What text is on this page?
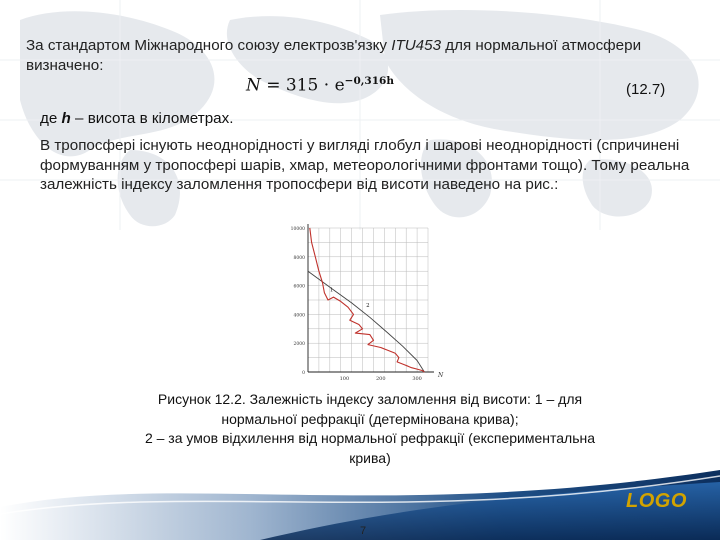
За стандартом Міжнародного союзу електрозв'язку ITU453 для нормальної атмосфери визначено:
$N = 315 \cdot e^{-0,316h}$	(12.7)
де h – висота в кілометрах.
В тропосфері існують неоднорідності у вигляді глобул і шарові неоднорідності (спричинені формуванням у тропосфері шарів, хмар, метеорологічними фронтами тощо). Тому реальна залежність індексу заломлення тропосфери від висоти наведено на рис.:
0
2000
4000
6000
8000
10000
100	200	300	N
1
2
Рисунок 12.2. Залежність індексу заломлення від висоти: 1 – для
нормальної рефракції (детермінована крива);
2 – за умов відхилення від нормальної рефракції (експериментальна
крива)
LOGO
7
